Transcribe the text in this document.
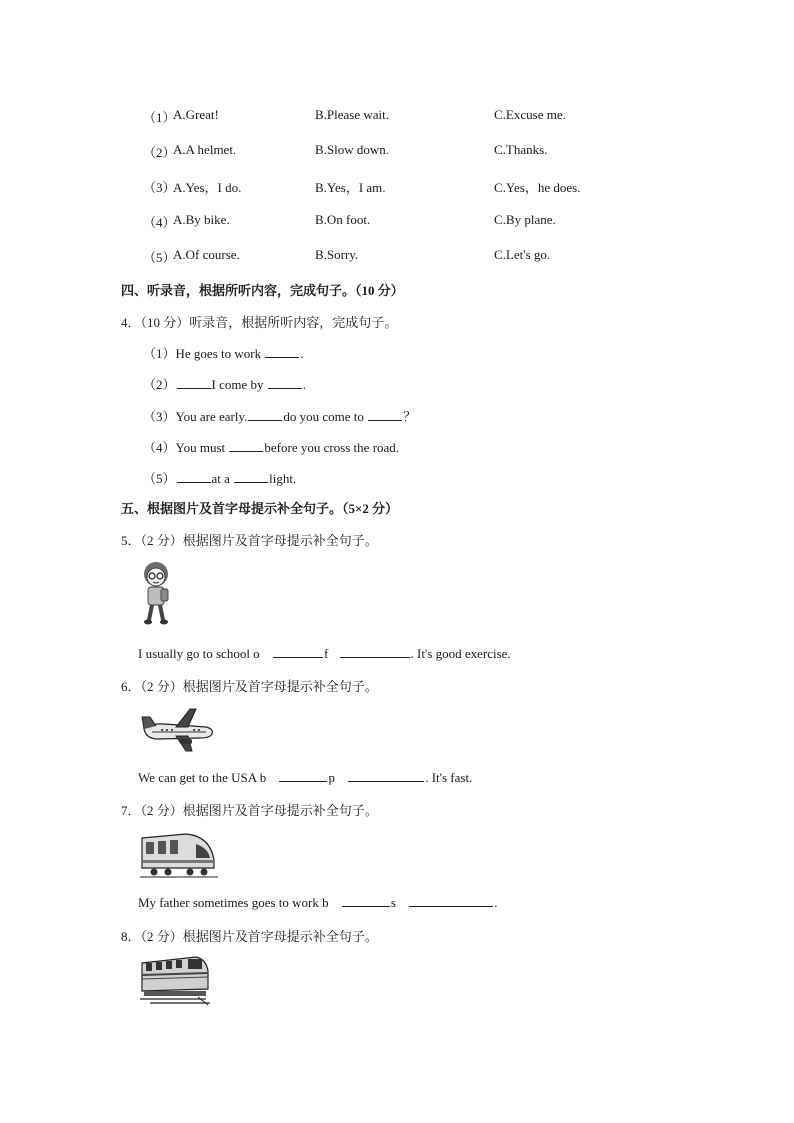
（1）
A.Great!	B.Please wait.	C.Excuse me.
（2）
A.A helmet.	B.Slow down.	C.Thanks.
（3）
A.Yes，I do.	B.Yes，I am.	C.Yes，he does.
（4）
A.By bike.	B.On foot.	C.By plane.
（5）
A.Of course.	B.Sorry.	C.Let's go.
四、听录音，根据所听内容，完成句子。（10 分）
4．（10 分）听录音，根据所听内容，完成句子。
（1）He goes to work	.
（2）	I come by	.
（3）You are early.	do you come to	？
（4）You must	before you cross the road.
（5）	at a	light.
五、根据图片及首字母提示补全句子。（5×2 分）
5．（2 分）根据图片及首字母提示补全句子。
I usually go to school o	f	. It's good exercise.
6．（2 分）根据图片及首字母提示补全句子。
We can get to the USA b	p	. It's fast.
7．（2 分）根据图片及首字母提示补全句子。
My father sometimes goes to work b	s	.
8．（2 分）根据图片及首字母提示补全句子。
